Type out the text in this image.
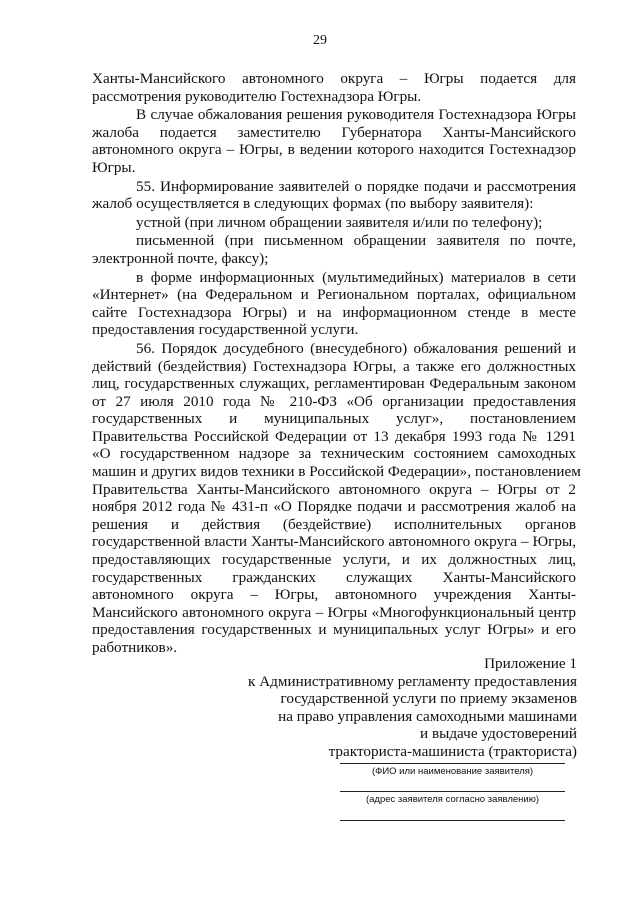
29
Ханты-Мансийского автономного округа – Югры подается для
рассмотрения руководителю Гостехнадзора Югры.
В случае обжалования решения руководителя Гостехнадзора Югры
жалоба подается заместителю Губернатора Ханты-Мансийского
автономного округа – Югры, в ведении которого находится Гостехнадзор
Югры.
55. Информирование заявителей о порядке подачи и рассмотрения
жалоб осуществляется в следующих формах (по выбору заявителя):
устной (при личном обращении заявителя и/или по телефону);
письменной (при письменном обращении заявителя по почте,
электронной почте, факсу);
в форме информационных (мультимедийных) материалов в сети
«Интернет» (на Федеральном и Региональном порталах, официальном
сайте Гостехнадзора Югры) и на информационном стенде в месте
предоставления государственной услуги.
56. Порядок досудебного (внесудебного) обжалования решений и
действий (бездействия) Гостехнадзора Югры, а также его должностных
лиц, государственных служащих, регламентирован Федеральным законом
от 27 июля 2010 года № 210-ФЗ «Об организации предоставления
государственных и муниципальных услуг», постановлением
Правительства Российской Федерации от 13 декабря 1993 года № 1291
«О государственном надзоре за техническим состоянием самоходных
машин и других видов техники в Российской Федерации», постановлением
Правительства Ханты-Мансийского автономного округа – Югры от 2
ноября 2012 года № 431-п «О Порядке подачи и рассмотрения жалоб на
решения и действия (бездействие) исполнительных органов
государственной власти Ханты-Мансийского автономного округа – Югры,
предоставляющих государственные услуги, и их должностных лиц,
государственных гражданских служащих Ханты-Мансийского
автономного округа – Югры, автономного учреждения Ханты-
Мансийского автономного округа – Югры «Многофункциональный центр
предоставления государственных и муниципальных услуг Югры» и его
работников».
Приложение 1
к Административному регламенту предоставления
государственной услуги по приему экзаменов
на право управления самоходными машинами
и выдаче удостоверений
тракториста-машиниста (тракториста)
(ФИО или наименование заявителя)
(адрес заявителя согласно заявлению)
